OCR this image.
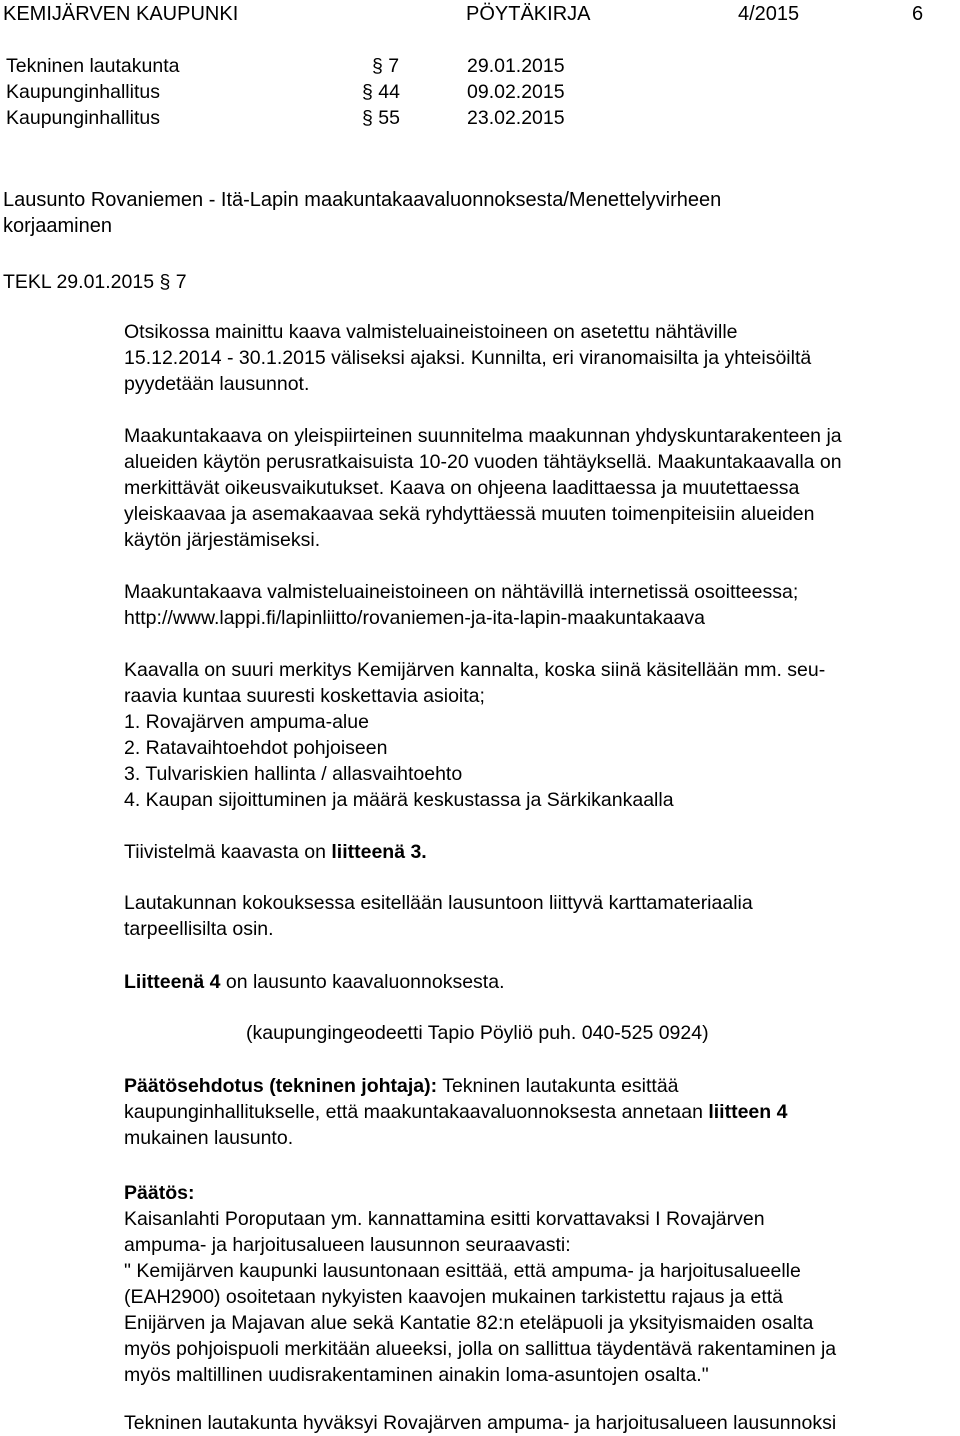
KEMIJÄRVEN KAUPUNKI	PÖYTÄKIRJA	4/2015	6
Tekninen lautakunta	§ 7	29.01.2015
Kaupunginhallitus	§ 44	09.02.2015
Kaupunginhallitus	§ 55	23.02.2015
Lausunto Rovaniemen - Itä-Lapin maakuntakaavaluonnoksesta/Menettelyvirheen
korjaaminen
TEKL 29.01.2015 § 7
Otsikossa mainittu kaava valmisteluaineistoineen on asetettu nähtäville
15.12.2014 - 30.1.2015 väliseksi ajaksi. Kunnilta, eri viranomaisilta ja yhteisöiltä
pyydetään lausunnot.
Maakuntakaava on yleispiirteinen suunnitelma maakunnan yhdyskuntarakenteen ja
alueiden käytön perusratkaisuista 10-20 vuoden tähtäyksellä. Maakuntakaavalla on
merkittävät oikeusvaikutukset. Kaava on ohjeena laadittaessa ja muutettaessa
yleiskaavaa ja asemakaavaa sekä ryhdyttäessä muuten toimenpiteisiin alueiden
käytön järjestämiseksi.
Maakuntakaava valmisteluaineistoineen on nähtävillä internetissä osoitteessa;
http://www.lappi.fi/lapinliitto/rovaniemen-ja-ita-lapin-maakuntakaava
Kaavalla on suuri merkitys Kemijärven kannalta, koska siinä käsitellään mm. seu-
raavia kuntaa suuresti koskettavia asioita;
1. Rovajärven ampuma-alue
2. Ratavaihtoehdot pohjoiseen
3. Tulvariskien hallinta / allasvaihtoehto
4. Kaupan sijoittuminen ja määrä keskustassa ja Särkikankaalla
Tiivistelmä kaavasta on liitteenä 3.
Lautakunnan kokouksessa esitellään lausuntoon liittyvä karttamateriaalia
tarpeellisilta osin.
Liitteenä 4 on lausunto kaavaluonnoksesta.
(kaupungingeodeetti Tapio Pöyliö puh. 040-525 0924)
Päätösehdotus (tekninen johtaja): Tekninen lautakunta esittää
kaupunginhallitukselle, että maakuntakaavaluonnoksesta annetaan liitteen 4
mukainen lausunto.
Päätös:
Kaisanlahti Poroputaan ym. kannattamina esitti korvattavaksi I Rovajärven
ampuma- ja harjoitusalueen lausunnon seuraavasti:
" Kemijärven kaupunki lausuntonaan esittää, että ampuma- ja harjoitusalueelle
(EAH2900) osoitetaan nykyisten kaavojen mukainen tarkistettu rajaus ja että
Enijärven ja Majavan alue sekä Kantatie 82:n eteläpuoli ja yksityismaiden osalta
myös pohjoispuoli merkitään alueeksi, jolla on sallittua täydentävä rakentaminen ja
myös maltillinen uudisrakentaminen ainakin loma-asuntojen osalta."
Tekninen lautakunta hyväksyi Rovajärven ampuma- ja harjoitusalueen lausunnoksi
